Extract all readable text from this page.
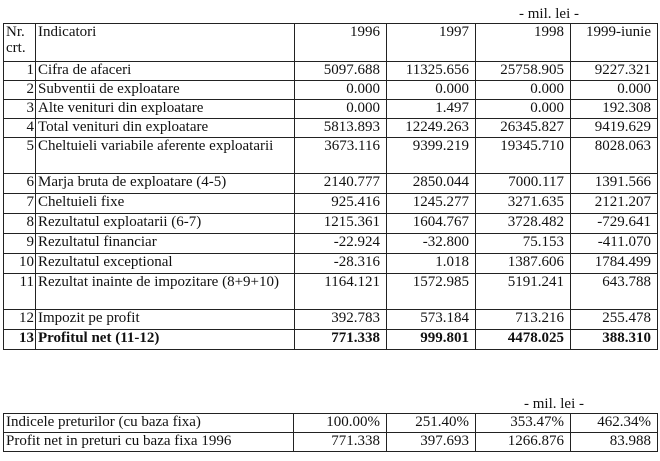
- mil. lei -
Nr.
crt.	Indicatori	1996	1997	1998	1999-iunie
1	Cifra de afaceri	5097.688	11325.656	25758.905	9227.321
2	Subventii de exploatare	0.000	0.000	0.000	0.000
3	Alte venituri din exploatare	0.000	1.497	0.000	192.308
4	Total venituri din exploatare	5813.893	12249.263	26345.827	9419.629
5	Cheltuieli variabile aferente exploatarii	3673.116	9399.219	19345.710	8028.063
6	Marja bruta de exploatare (4-5)	2140.777	2850.044	7000.117	1391.566
7	Cheltuieli fixe	925.416	1245.277	3271.635	2121.207
8	Rezultatul exploatarii (6-7)	1215.361	1604.767	3728.482	-729.641
9	Rezultatul financiar	-22.924	-32.800	75.153	-411.070
10	Rezultatul exceptional	-28.316	1.018	1387.606	1784.499
11	Rezultat inainte de impozitare (8+9+10)	1164.121	1572.985	5191.241	643.788
12	Impozit pe profit	392.783	573.184	713.216	255.478
13	Profitul net (11-12)	771.338	999.801	4478.025	388.310
- mil. lei -
Indicele preturilor (cu baza fixa)	100.00%	251.40%	353.47%	462.34%
Profit net in preturi cu baza fixa 1996	771.338	397.693	1266.876	83.988
